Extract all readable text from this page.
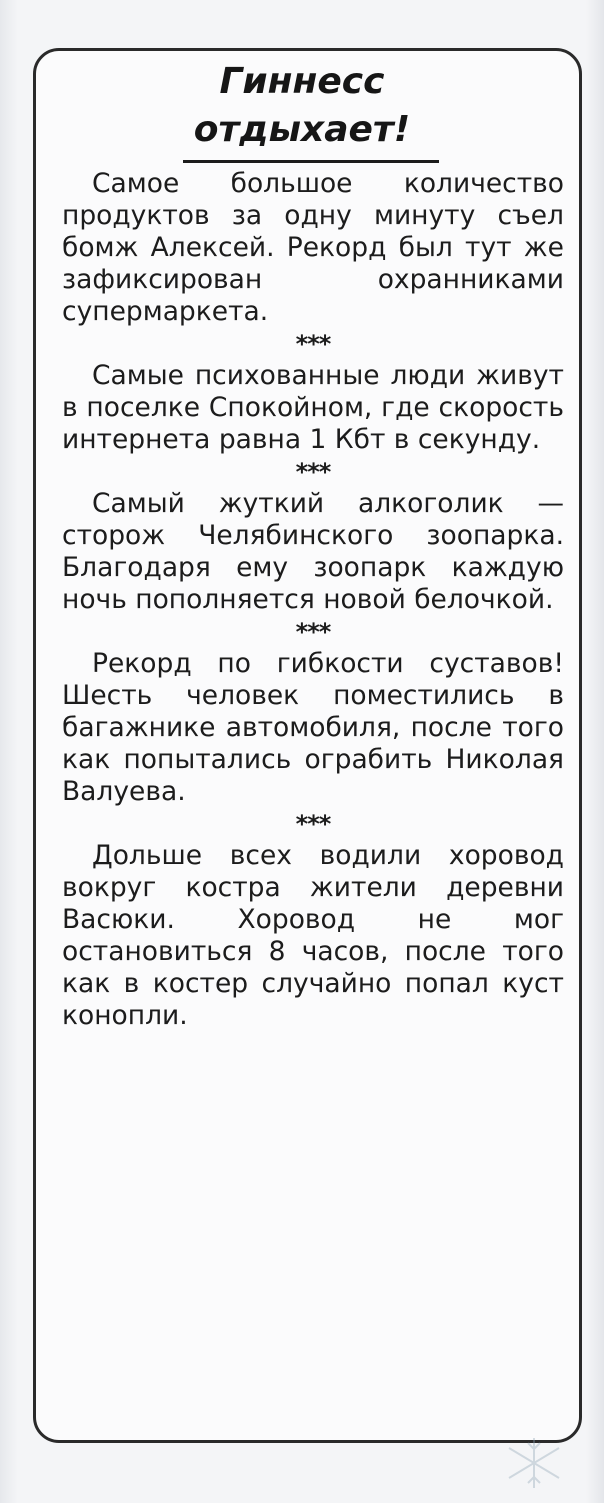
Гиннесс
отдыхает!

Самое большое количество продуктов за одну минуту съел бомж Алексей. Рекорд был тут же зафиксирован охранниками супермаркета.

***

Самые психованные люди живут в поселке Спокойном, где скорость интернета равна 1 Кбт в секунду.

***

Самый жуткий алкоголик — сторож Челябинского зоопарка. Благодаря ему зоопарк каждую ночь пополняется новой белочкой.

***

Рекорд по гибкости суставов! Шесть человек поместились в багажнике автомобиля, после того как попытались ограбить Николая Валуева.

***

Дольше всех водили хоровод вокруг костра жители деревни Васюки. Хоровод не мог остановиться 8 часов, после того как в костер случайно попал куст конопли.
